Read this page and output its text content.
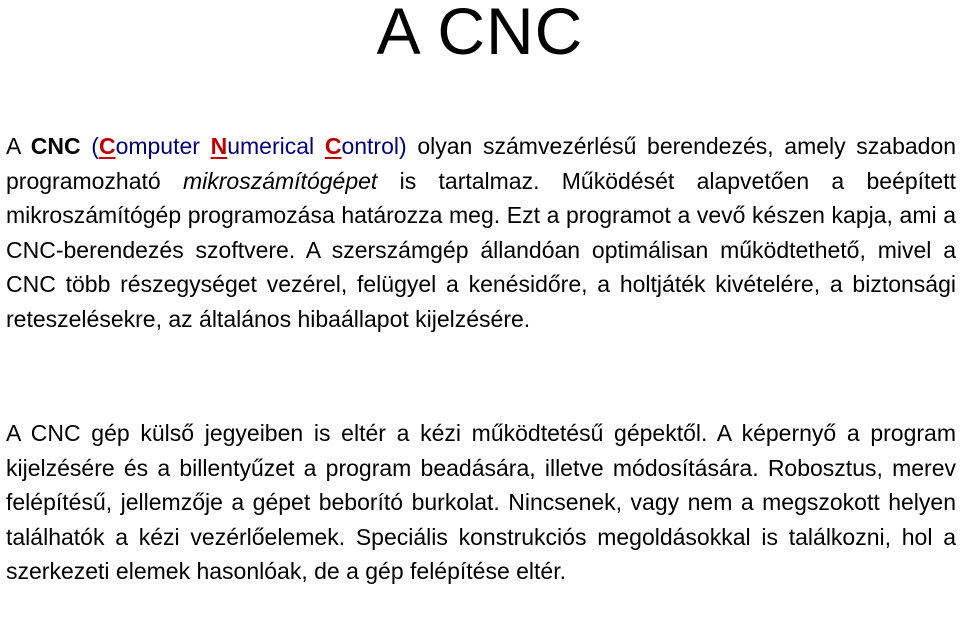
A CNC

A CNC (Computer Numerical Control) olyan számvezérlésű berendezés, amely szabadon programozható mikroszámítógépet is tartalmaz. Működését alapvetően a beépített mikroszámítógép programozása határozza meg. Ezt a programot a vevő készen kapja, ami a CNC-berendezés szoftvere. A szerszámgép állandóan optimálisan működtethető, mivel a CNC több részegységet vezérel, felügyel a kenésidőre, a holtjáték kivételére, a biztonsági reteszelésekre, az általános hibaállapot kijelzésére.

A CNC gép külső jegyeiben is eltér a kézi működtetésű gépektől. A képernyő a program kijelzésére és a billentyűzet a program beadására, illetve módosítására. Robosztus, merev felépítésű, jellemzője a gépet beborító burkolat. Nincsenek, vagy nem a megszokott helyen találhatók a kézi vezérlőelemek. Speciális konstrukciós megoldásokkal is találkozni, hol a szerkezeti elemek hasonlóak, de a gép felépítése eltér.
